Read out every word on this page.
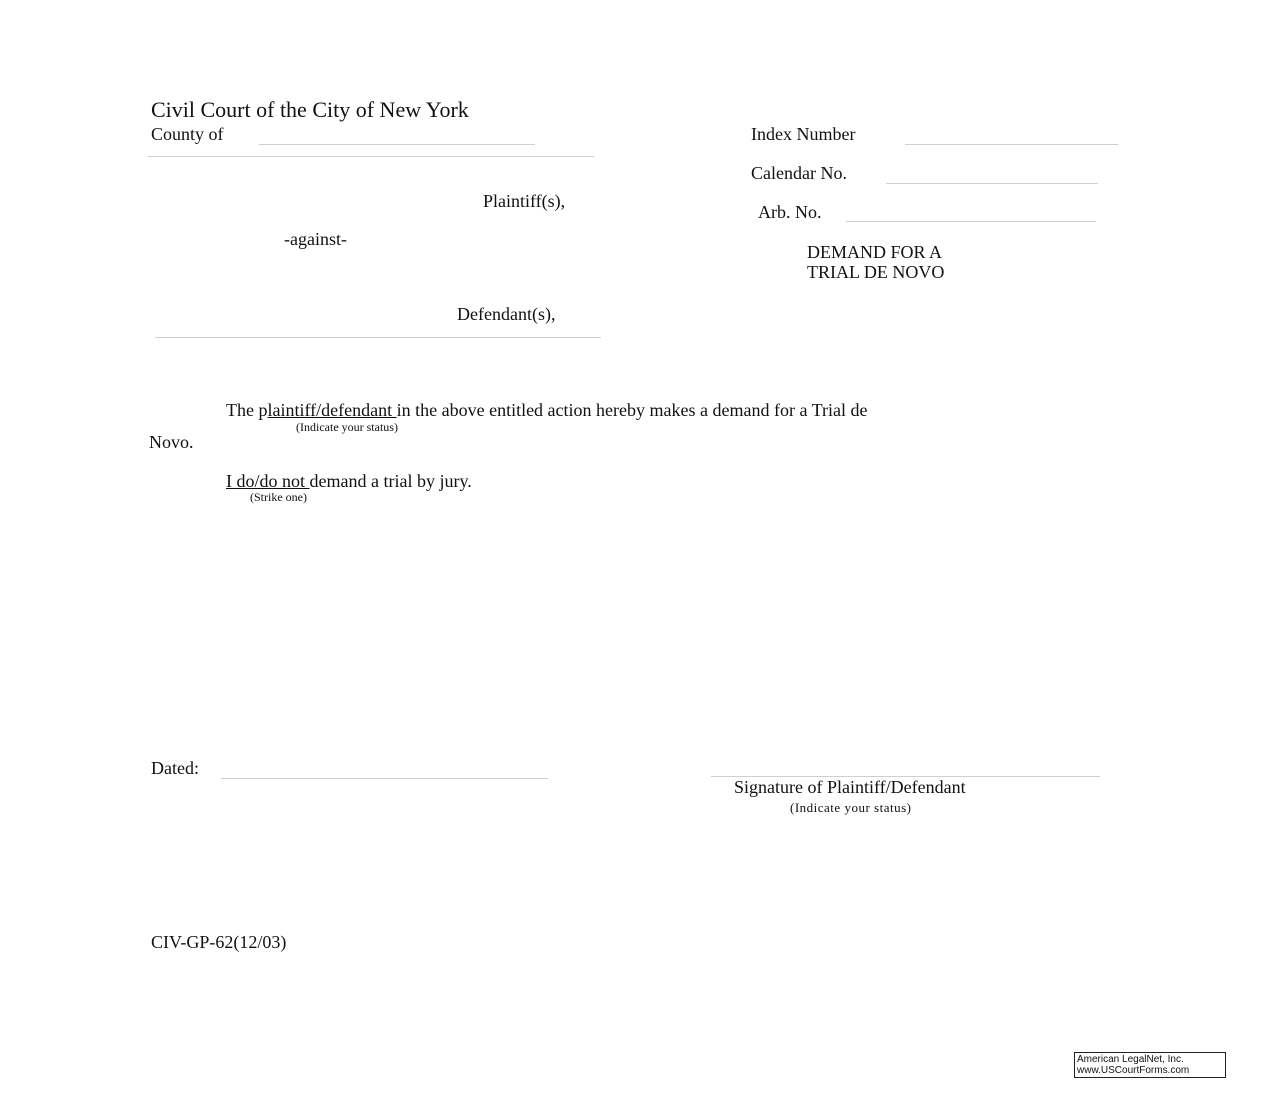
Civil Court of the City of New York
County of
Plaintiff(s),
-against-
Defendant(s),
Index Number
Calendar No.
Arb. No.
DEMAND FOR A
TRIAL DE NOVO
The plaintiff/defendant in the above entitled action hereby makes a demand for a Trial de
(Indicate your status)
Novo.
I do/do not demand a trial by jury.
(Strike one)
Dated:
Signature of Plaintiff/Defendant
(Indicate your status)
CIV-GP-62(12/03)
American LegalNet, Inc.
www.USCourtForms.com
